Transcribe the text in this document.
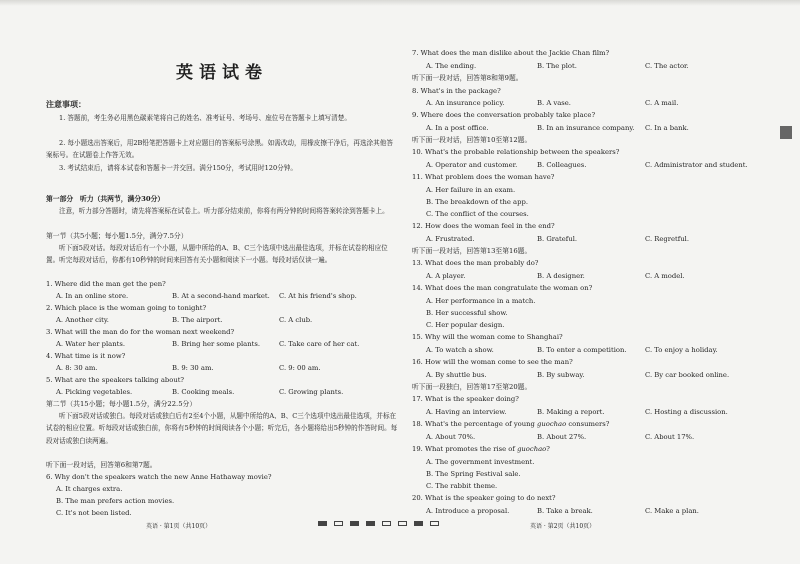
英语试卷
注意事项：
1. 答题前，考生务必用黑色碳素笔将自己的姓名、准考证号、考场号、座位号在答题卡上填写清楚。
2. 每小题选出答案后，用2B铅笔把答题卡上对应题目的答案标号涂黑。如需改动，用橡皮擦干净后，再选涂其他答案标号。在试题卷上作答无效。
3. 考试结束后，请将本试卷和答题卡一并交回。满分150分，考试用时120分钟。
第一部分　听力（共两节，满分30分）
注意，听力部分答题时，请先将答案标在试卷上。听力部分结束前，你将有两分钟的时间将答案转涂到答题卡上。
第一节（共5小题；每小题1.5分，满分7.5分）
听下面5段对话。每段对话后有一个小题，从题中所给的A、B、C三个选项中选出最佳选项，并标在试卷的相应位置。听完每段对话后，你都有10秒钟的时间来回答有关小题和阅读下一小题。每段对话仅读一遍。
1. Where did the man get the pen?
A. In an online store.	B. At a second-hand market. C. At his friend's shop.
2. Which place is the woman going to tonight?
A. Another city.	B. The airport.	C. A club.
3. What will the man do for the woman next weekend?
A. Water her plants.	B. Bring her some plants.	C. Take care of her cat.
4. What time is it now?
A. 8: 30 am.	B. 9: 30 am.	C. 9: 00 am.
5. What are the speakers talking about?
A. Picking vegetables.	B. Cooking meals.	C. Growing plants.
第二节（共15小题；每小题1.5分，满分22.5分）
听下面5段对话或独白。每段对话或独白后有2至4个小题，从题中所给的A、B、C三个选项中选出最佳选项，并标在试卷的相应位置。听每段对话或独白前，你将有5秒钟的时间阅读各个小题；听完后，各小题将给出5秒钟的作答时间。每段对话或独白读两遍。
听下面一段对话，回答第6和第7题。
6. Why don't the speakers watch the new Anne Hathaway movie?
A. It charges extra.
B. The man prefers action movies.
C. It's not been listed.
英语 · 第1页（共10页）
7. What does the man dislike about the Jackie Chan film?
A. The ending.	B. The plot.	C. The actor.
听下面一段对话，回答第8和第9题。
8. What's in the package?
A. An insurance policy.	B. A vase.	C. A mail.
9. Where does the conversation probably take place?
A. In a post office.	B. In an insurance company. C. In a bank.
听下面一段对话，回答第10至第12题。
10. What's the probable relationship between the speakers?
A. Operator and customer.	B. Colleagues.	C. Administrator and student.
11. What problem does the woman have?
A. Her failure in an exam.
B. The breakdown of the app.
C. The conflict of the courses.
12. How does the woman feel in the end?
A. Frustrated.	B. Grateful.	C. Regretful.
听下面一段对话，回答第13至第16题。
13. What does the man probably do?
A. A player.	B. A designer.	C. A model.
14. What does the man congratulate the woman on?
A. Her performance in a match.
B. Her successful show.
C. Her popular design.
15. Why will the woman come to Shanghai?
A. To watch a show.	B. To enter a competition.	C. To enjoy a holiday.
16. How will the woman come to see the man?
A. By shuttle bus.	B. By subway.	C. By car booked online.
听下面一段独白，回答第17至第20题。
17. What is the speaker doing?
A. Having an interview.	B. Making a report.	C. Hosting a discussion.
18. What's the percentage of young guochao consumers?
A. About 70%.	B. About 27%.	C. About 17%.
19. What promotes the rise of guochao?
A. The government investment.
B. The Spring Festival sale.
C. The rabbit theme.
20. What is the speaker going to do next?
A. Introduce a proposal.	B. Take a break.	C. Make a plan.
英语 · 第2页（共10页）
